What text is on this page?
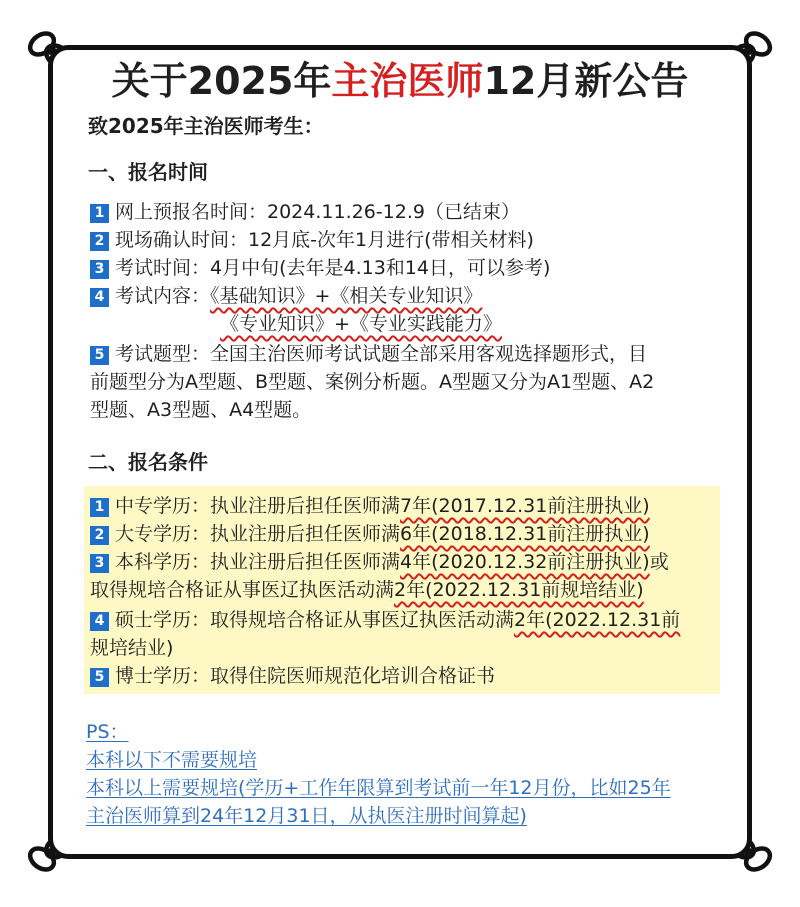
关于2025年主治医师12月新公告
致2025年主治医师考生：
一、报名时间
1 网上预报名时间：2024.11.26-12.9（已结束）
2 现场确认时间：12月底-次年1月进行(带相关材料)
3 考试时间：4月中旬(去年是4.13和14日，可以参考)
4 考试内容：《基础知识》+《相关专业知识》
《专业知识》+《专业实践能力》
5 考试题型：全国主治医师考试试题全部采用客观选择题形式，目
前题型分为A型题、B型题、案例分析题。A型题又分为A1型题、A2
型题、A3型题、A4型题。
二、报名条件
1 中专学历：执业注册后担任医师满7年(2017.12.31前注册执业)
2 大专学历：执业注册后担任医师满6年(2018.12.31前注册执业)
3 本科学历：执业注册后担任医师满4年(2020.12.32前注册执业)或
取得规培合格证从事医辽执医活动满2年(2022.12.31前规培结业)
4 硕士学历：取得规培合格证从事医辽执医活动满2年(2022.12.31前
规培结业)
5 博士学历：取得住院医师规范化培训合格证书
PS：
本科以下不需要规培
本科以上需要规培(学历+工作年限算到考试前一年12月份，比如25年
主治医师算到24年12月31日，从执医注册时间算起)
